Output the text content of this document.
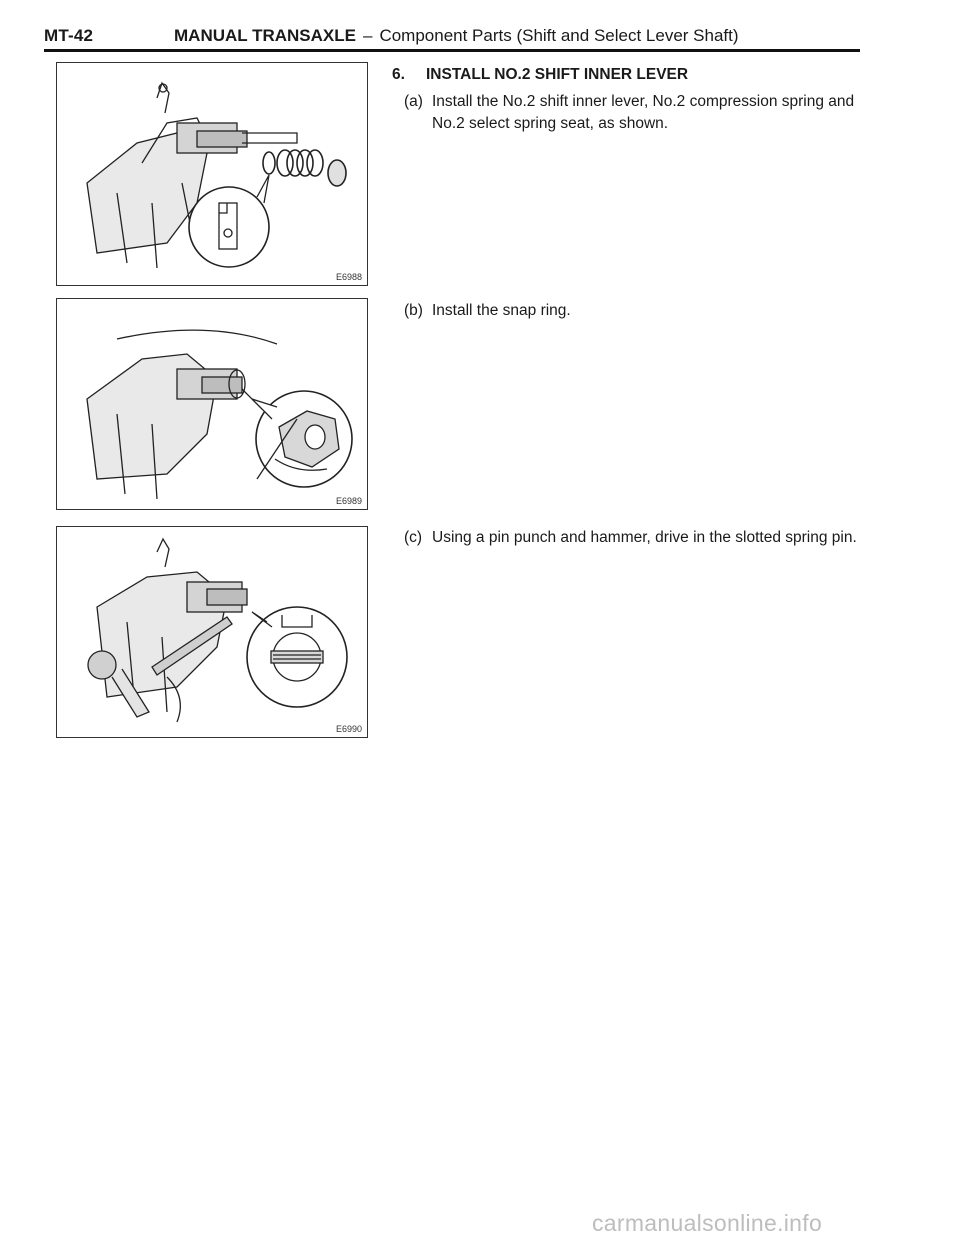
MT-42	MANUAL TRANSAXLE – Component Parts (Shift and Select Lever Shaft)
E6988
E6989
E6990
6. INSTALL NO.2 SHIFT INNER LEVER
(a) Install the No.2 shift inner lever, No.2 compression spring and No.2 select spring seat, as shown.
(b) Install the snap ring.
(c) Using a pin punch and hammer, drive in the slotted spring pin.
carmanualsonline.info
